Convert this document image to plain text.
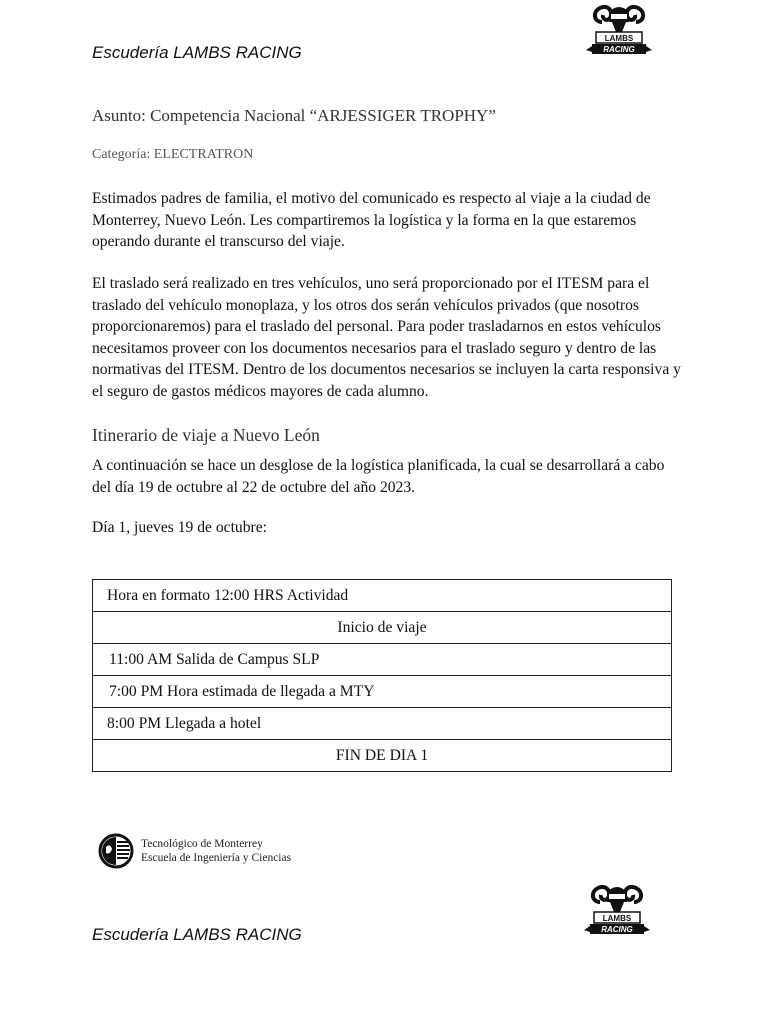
Escudería LAMBS RACING
LAMBS
RACING
Asunto: Competencia Nacional “ARJESSIGER TROPHY”
Categoría: ELECTRATRON

Estimados padres de familia, el motivo del comunicado es respecto al viaje a la ciudad de Monterrey, Nuevo León. Les compartiremos la logística y la forma en la que estaremos operando durante el transcurso del viaje.

El traslado será realizado en tres vehículos, uno será proporcionado por el ITESM para el traslado del vehículo monoplaza, y los otros dos serán vehículos privados (que nosotros proporcionaremos) para el traslado del personal. Para poder trasladarnos en estos vehículos necesitamos proveer con los documentos necesarios para el traslado seguro y dentro de las normativas del ITESM. Dentro de los documentos necesarios se incluyen la carta responsiva y el seguro de gastos médicos mayores de cada alumno.

Itinerario de viaje a Nuevo León

A continuación se hace un desglose de la logística planificada, la cual se desarrollará a cabo del día 19 de octubre al 22 de octubre del año 2023.

Día 1, jueves 19 de octubre:
Hora en formato 12:00 HRS Actividad
Inicio de viaje
11:00 AM Salida de Campus SLP
7:00 PM Hora estimada de llegada a MTY
8:00 PM Llegada a hotel
FIN DE DIA 1
Tecnológico de Monterrey
Escuela de Ingeniería y Ciencias
LAMBS
RACING
Escudería LAMBS RACING
